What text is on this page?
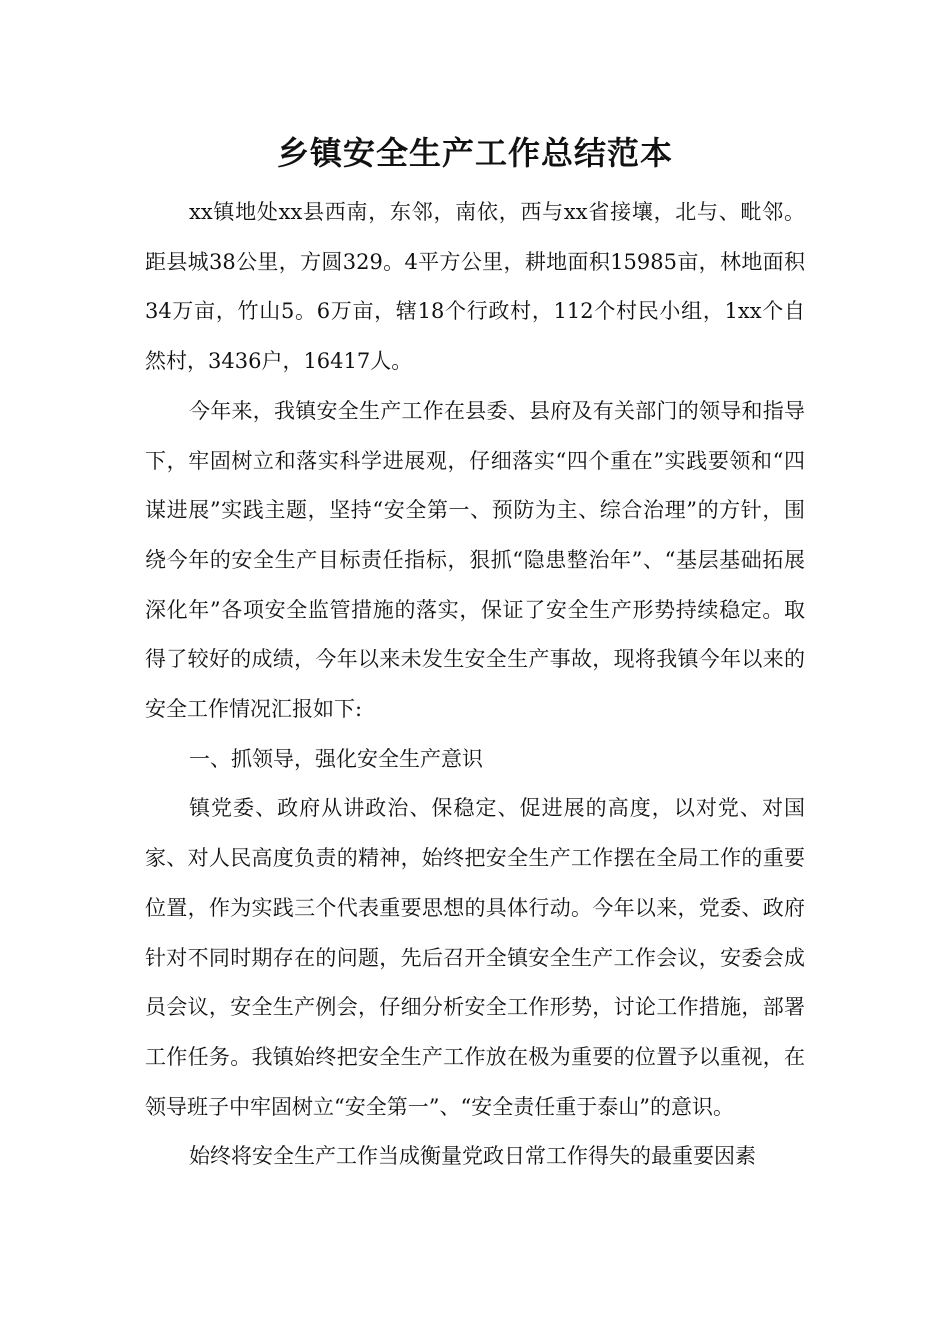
乡镇安全生产工作总结范本

xx镇地处xx县西南，东邻，南依，西与xx省接壤，北与、毗邻。距县城38公里，方圆329。4平方公里，耕地面积15985亩，林地面积34万亩，竹山5。6万亩，辖18个行政村，112个村民小组，1xx个自然村，3436户，16417人。

今年来，我镇安全生产工作在县委、县府及有关部门的领导和指导下，牢固树立和落实科学进展观，仔细落实“四个重在”实践要领和“四谋进展”实践主题，坚持“安全第一、预防为主、综合治理”的方针，围绕今年的安全生产目标责任指标，狠抓“隐患整治年”、“基层基础拓展深化年”各项安全监管措施的落实，保证了安全生产形势持续稳定。取得了较好的成绩，今年以来未发生安全生产事故，现将我镇今年以来的安全工作情况汇报如下:

一、抓领导，强化安全生产意识

镇党委、政府从讲政治、保稳定、促进展的高度，以对党、对国家、对人民高度负责的精神，始终把安全生产工作摆在全局工作的重要位置，作为实践三个代表重要思想的具体行动。今年以来，党委、政府针对不同时期存在的问题，先后召开全镇安全生产工作会议，安委会成员会议，安全生产例会，仔细分析安全工作形势，讨论工作措施，部署工作任务。我镇始终把安全生产工作放在极为重要的位置予以重视，在领导班子中牢固树立“安全第一”、“安全责任重于泰山”的意识。

始终将安全生产工作当成衡量党政日常工作得失的最重要因素
